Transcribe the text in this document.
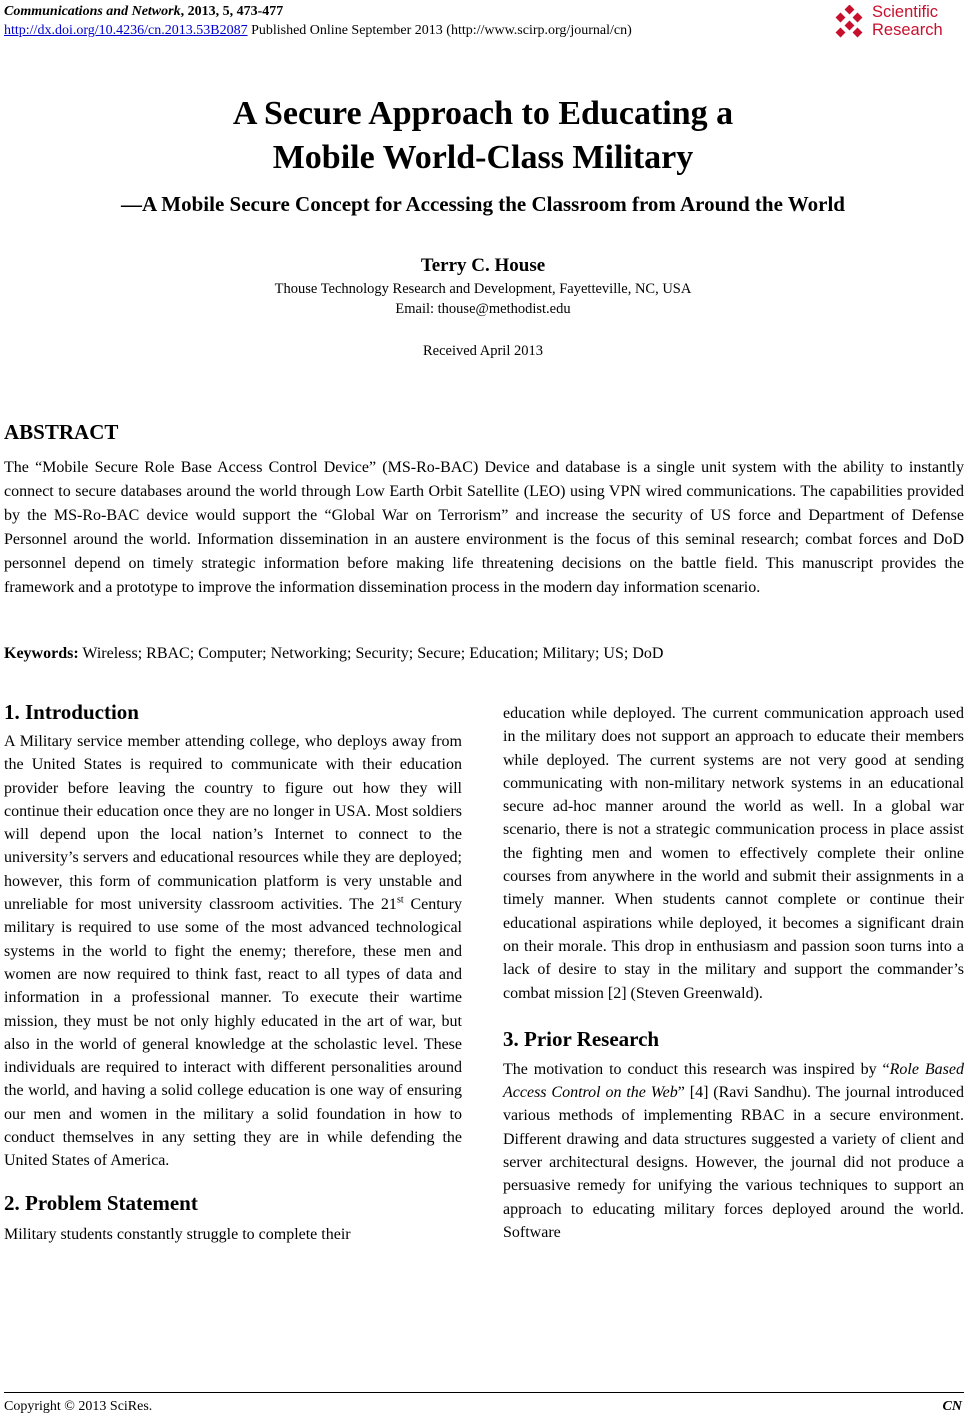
Communications and Network, 2013, 5, 473-477
http://dx.doi.org/10.4236/cn.2013.53B2087 Published Online September 2013 (http://www.scirp.org/journal/cn)
Scientific
Research
A Secure Approach to Educating a
Mobile World-Class Military
—A Mobile Secure Concept for Accessing the Classroom from Around the World
Terry C. House
Thouse Technology Research and Development, Fayetteville, NC, USA
Email: thouse@methodist.edu
Received April 2013
ABSTRACT
The “Mobile Secure Role Base Access Control Device” (MS-Ro-BAC) Device and database is a single unit system with the ability to instantly connect to secure databases around the world through Low Earth Orbit Satellite (LEO) using VPN wired communications. The capabilities provided by the MS-Ro-BAC device would support the “Global War on Terrorism” and increase the security of US force and Department of Defense Personnel around the world. Information dissemination in an austere environment is the focus of this seminal research; combat forces and DoD personnel depend on timely strategic information before making life threatening decisions on the battle field. This manuscript provides the framework and a prototype to improve the information dissemination process in the modern day information scenario.
Keywords: Wireless; RBAC; Computer; Networking; Security; Secure; Education; Military; US; DoD
1. Introduction

A Military service member attending college, who deploys away from the United States is required to communicate with their education provider before leaving the country to figure out how they will continue their education once they are no longer in USA. Most soldiers will depend upon the local nation’s Internet to connect to the university’s servers and educational resources while they are deployed; however, this form of communication platform is very unstable and unreliable for most university classroom activities. The 21st Century military is required to use some of the most advanced technological systems in the world to fight the enemy; therefore, these men and women are now required to think fast, react to all types of data and information in a professional manner. To execute their wartime mission, they must be not only highly educated in the art of war, but also in the world of general knowledge at the scholastic level. These individuals are required to interact with different personalities around the world, and having a solid college education is one way of ensuring our men and women in the military a solid foundation in how to conduct themselves in any setting they are in while defending the United States of America.

2. Problem Statement

Military students constantly struggle to complete their

education while deployed. The current communication approach used in the military does not support an approach to educate their members while deployed. The current systems are not very good at sending communicating with non-military network systems in an educational secure ad-hoc manner around the world as well. In a global war scenario, there is not a strategic communication process in place assist the fighting men and women to effectively complete their online courses from anywhere in the world and submit their assignments in a timely manner. When students cannot complete or continue their educational aspirations while deployed, it becomes a significant drain on their morale. This drop in enthusiasm and passion soon turns into a lack of desire to stay in the military and support the commander’s combat mission [2] (Steven Greenwald).

3. Prior Research

The motivation to conduct this research was inspired by “Role Based Access Control on the Web” [4] (Ravi Sandhu). The journal introduced various methods of implementing RBAC in a secure environment. Different drawing and data structures suggested a variety of client and server architectural designs. However, the journal did not produce a persuasive remedy for unifying the various techniques to support an approach to educating military forces deployed around the world. Software

Copyright © 2013 SciRes.	CN
